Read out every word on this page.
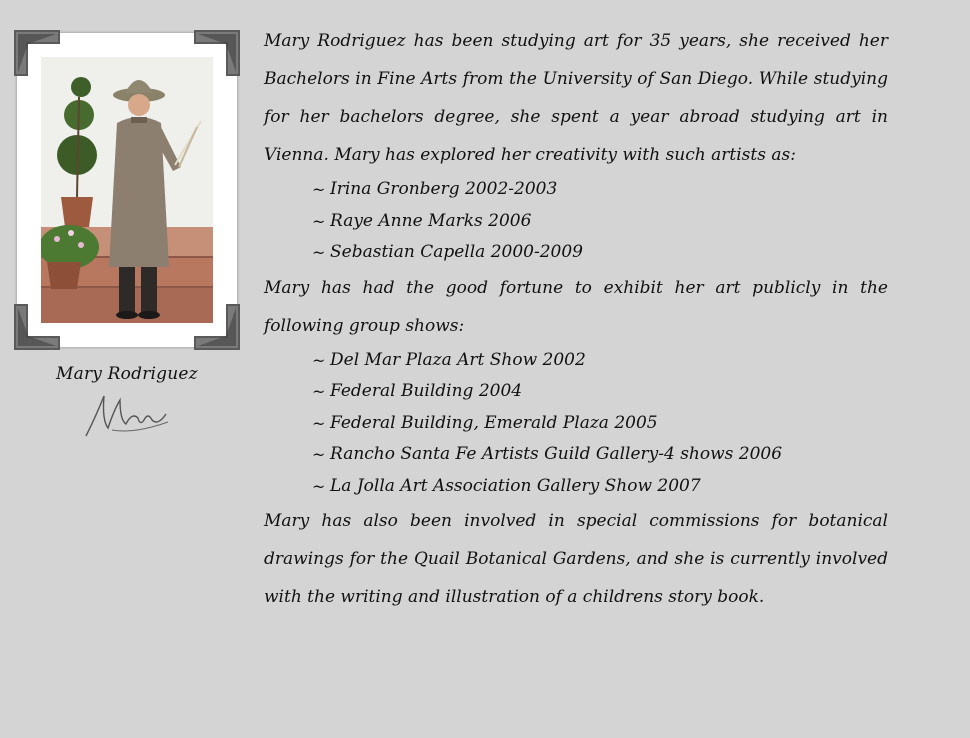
Mary Rodriguez

Mary Rodriguez has been studying art for 35 years, she received her Bachelors in Fine Arts from the University of San Diego. While studying for her bachelors degree, she spent a year abroad studying art in Vienna. Mary has explored her creativity with such artists as:

~ Irina Gronberg 2002-2003
~ Raye Anne Marks 2006
~ Sebastian Capella 2000-2009

Mary has had the good fortune to exhibit her art publicly in the following group shows:

~ Del Mar Plaza Art Show 2002
~ Federal Building 2004
~ Federal Building, Emerald Plaza 2005
~ Rancho Santa Fe Artists Guild Gallery-4 shows 2006
~ La Jolla Art Association Gallery Show 2007

Mary has also been involved in special commissions for botanical drawings for the Quail Botanical Gardens, and she is currently involved with the writing and illustration of a childrens story book.
